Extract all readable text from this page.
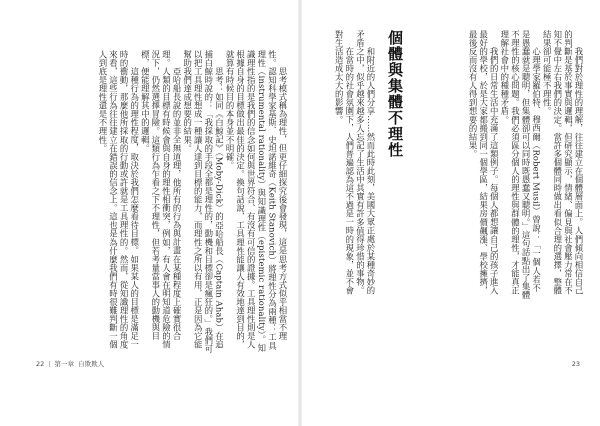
思考模式稱為理性，但更仔細探究後會發現，這是思考方式似乎相當不理性。認知科學家基斯．史坦諾維奇（Keith Stanovich）將理性分為兩種：工具理性（instrumental rationality）與知識理性（epistemic rationality）。知識理性指的是我們的信念如何與世界符合、有沒有可信的證據。工具理性則是人根據自身的目標做出最佳的決定。換句話說，工具理性能讓人有效地達到目的，就算有時候目的本身並不明確。

思考：如同《白鯨記》（Moby-Dick）的亞哈船長（Captain Ahab）在追捕白鯨時說的：「我採取的手段全都是理性的，動機和目標卻是瘋狂的。」我們可以把工具理性想成一種讓人達到目標的能力，而理性之所以有用，正是因為它能幫助我們達成想要的結果。

亞哈船長說的並非全無道理，他所有的行為與計畫在某種程度上確實很合理。人類的目標有時候會與自身的理性相衝突，例如，有人會在明知道危險的情況下，仍然選擇冒險。這類行為乍看之下不理性，但若考量當事人的動機與目標，便能理解其中的邏輯。

這種行為的理性程度，取決於我們怎麼看待目標。如果某人的目標是滿足一時的衝動，那麼他所採取的行動或許就是工具理性的。然而，從知識理性的角度來看，這些行為往往建立在錯誤的信念上。這也是為什麼我們有時很難判斷一個人到底是理性還是不理性。

22 | 第一章 自欺欺人

我們對於理性的理解，往往建立在個體層面上。人們傾向相信自己的判斷是基於事實與邏輯，但研究顯示，情緒、偏見與社會壓力常在不知不覺中左右我們的決定。當許多個體同時做出看似合理的選擇，整體結果卻可能極不理性。

心理學家羅伯特．穆西爾（Robert Musil）曾說：「一個人若不是愚蠢就是聰明，但集體卻可以同時既愚蠢又聰明。」這句話點出了集體不理性的核心問題。我們必須區分個人的理性與群體的理性，才能真正理解社會中的種種矛盾。

我們的日常生活中充滿了這類例子。每個人都想讓自己的孩子進入最好的學校，於是大家都搬到同一個學區，結果房價飆漲、學校擁擠，最後反而沒有人得到想要的結果。

個體與集體不理性

和附近的人們分享……然而此時此刻，美國大眾正處於某種奇妙的矛盾之中，似乎越來越多人忘記了生活中其實有許多值得珍惜的事物。

在當時的社會氛圍下，人們普遍認為這不過是一時的現象，並不會對生活造成太大的影響。

23
